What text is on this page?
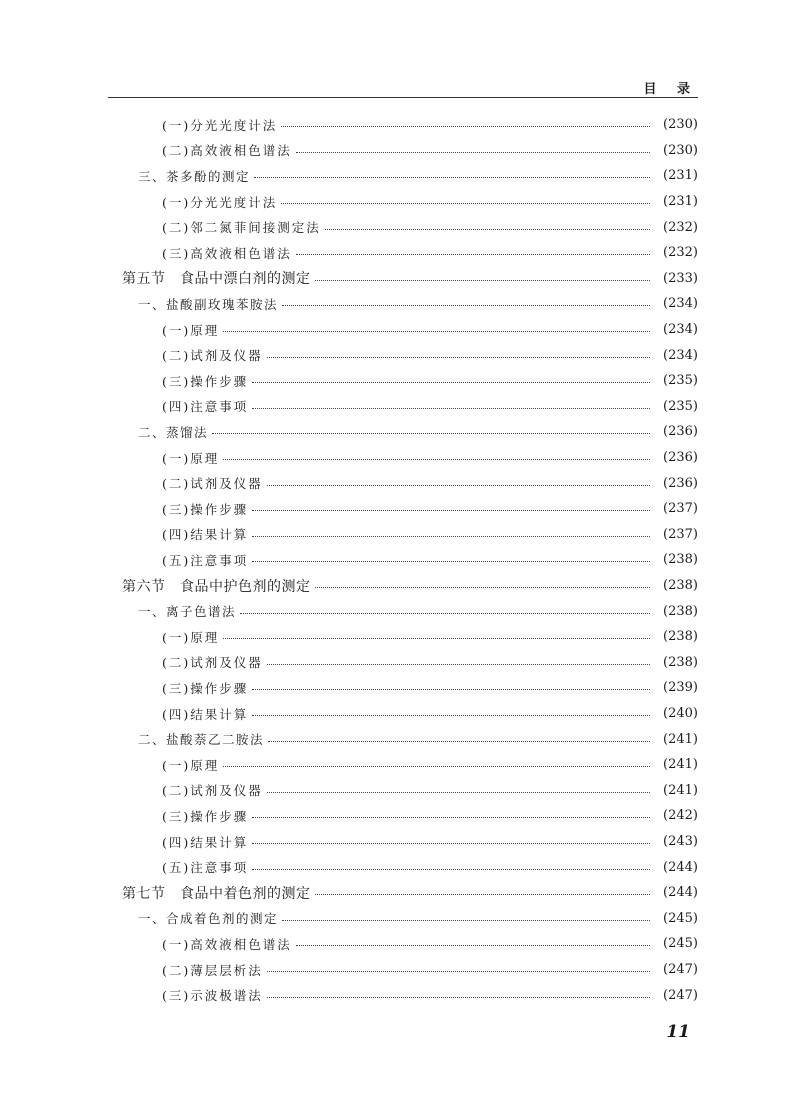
目 录
(一)分光光度计法	(230)
(二)高效液相色谱法	(230)
三、茶多酚的测定	(231)
(一)分光光度计法	(231)
(二)邻二氮菲间接测定法	(232)
(三)高效液相色谱法	(232)
第五节　食品中漂白剂的测定	(233)
一、盐酸副玫瑰苯胺法	(234)
(一)原理	(234)
(二)试剂及仪器	(234)
(三)操作步骤	(235)
(四)注意事项	(235)
二、蒸馏法	(236)
(一)原理	(236)
(二)试剂及仪器	(236)
(三)操作步骤	(237)
(四)结果计算	(237)
(五)注意事项	(238)
第六节　食品中护色剂的测定	(238)
一、离子色谱法	(238)
(一)原理	(238)
(二)试剂及仪器	(238)
(三)操作步骤	(239)
(四)结果计算	(240)
二、盐酸萘乙二胺法	(241)
(一)原理	(241)
(二)试剂及仪器	(241)
(三)操作步骤	(242)
(四)结果计算	(243)
(五)注意事项	(244)
第七节　食品中着色剂的测定	(244)
一、合成着色剂的测定	(245)
(一)高效液相色谱法	(245)
(二)薄层层析法	(247)
(三)示波极谱法	(247)
11
